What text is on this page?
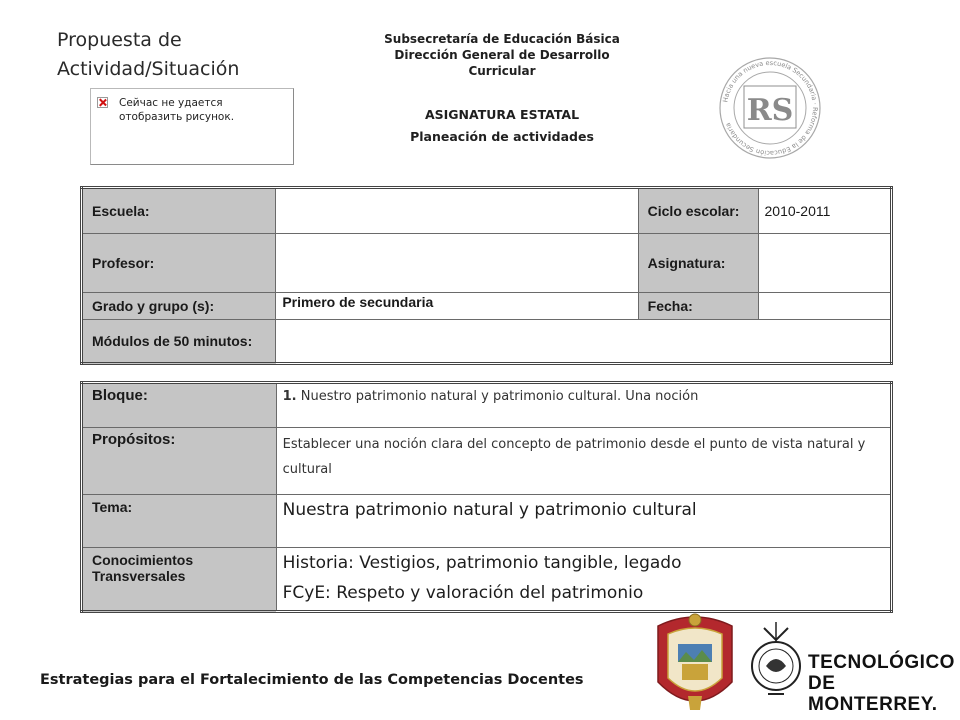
Propuesta de
Actividad/Situación
Сейчас не удается отобразить рисунок.
Subsecretaría de Educación Básica
Dirección General de Desarrollo
Curricular
ASIGNATURA ESTATAL
Planeación de actividades
Hacia una nueva escuela Secundaria · Reforma de la Educación Secundaria RS
Escuela:		Ciclo escolar:	2010-2011
Profesor:		Asignatura:	
Grado y grupo (s):	Primero de secundaria	Fecha:	
Módulos de 50 minutos:			
Bloque:	1. Nuestro patrimonio natural y patrimonio cultural. Una noción
Propósitos:	Establecer una noción clara del concepto de patrimonio desde el punto de vista natural y cultural
Tema:	Nuestra patrimonio natural y patrimonio cultural
Conocimientos Transversales	Historia: Vestigios, patrimonio tangible, legado
FCyE: Respeto y valoración del patrimonio
Estrategias para el Fortalecimiento de las Competencias Docentes
TECNOLÓGICO
DE MONTERREY.
